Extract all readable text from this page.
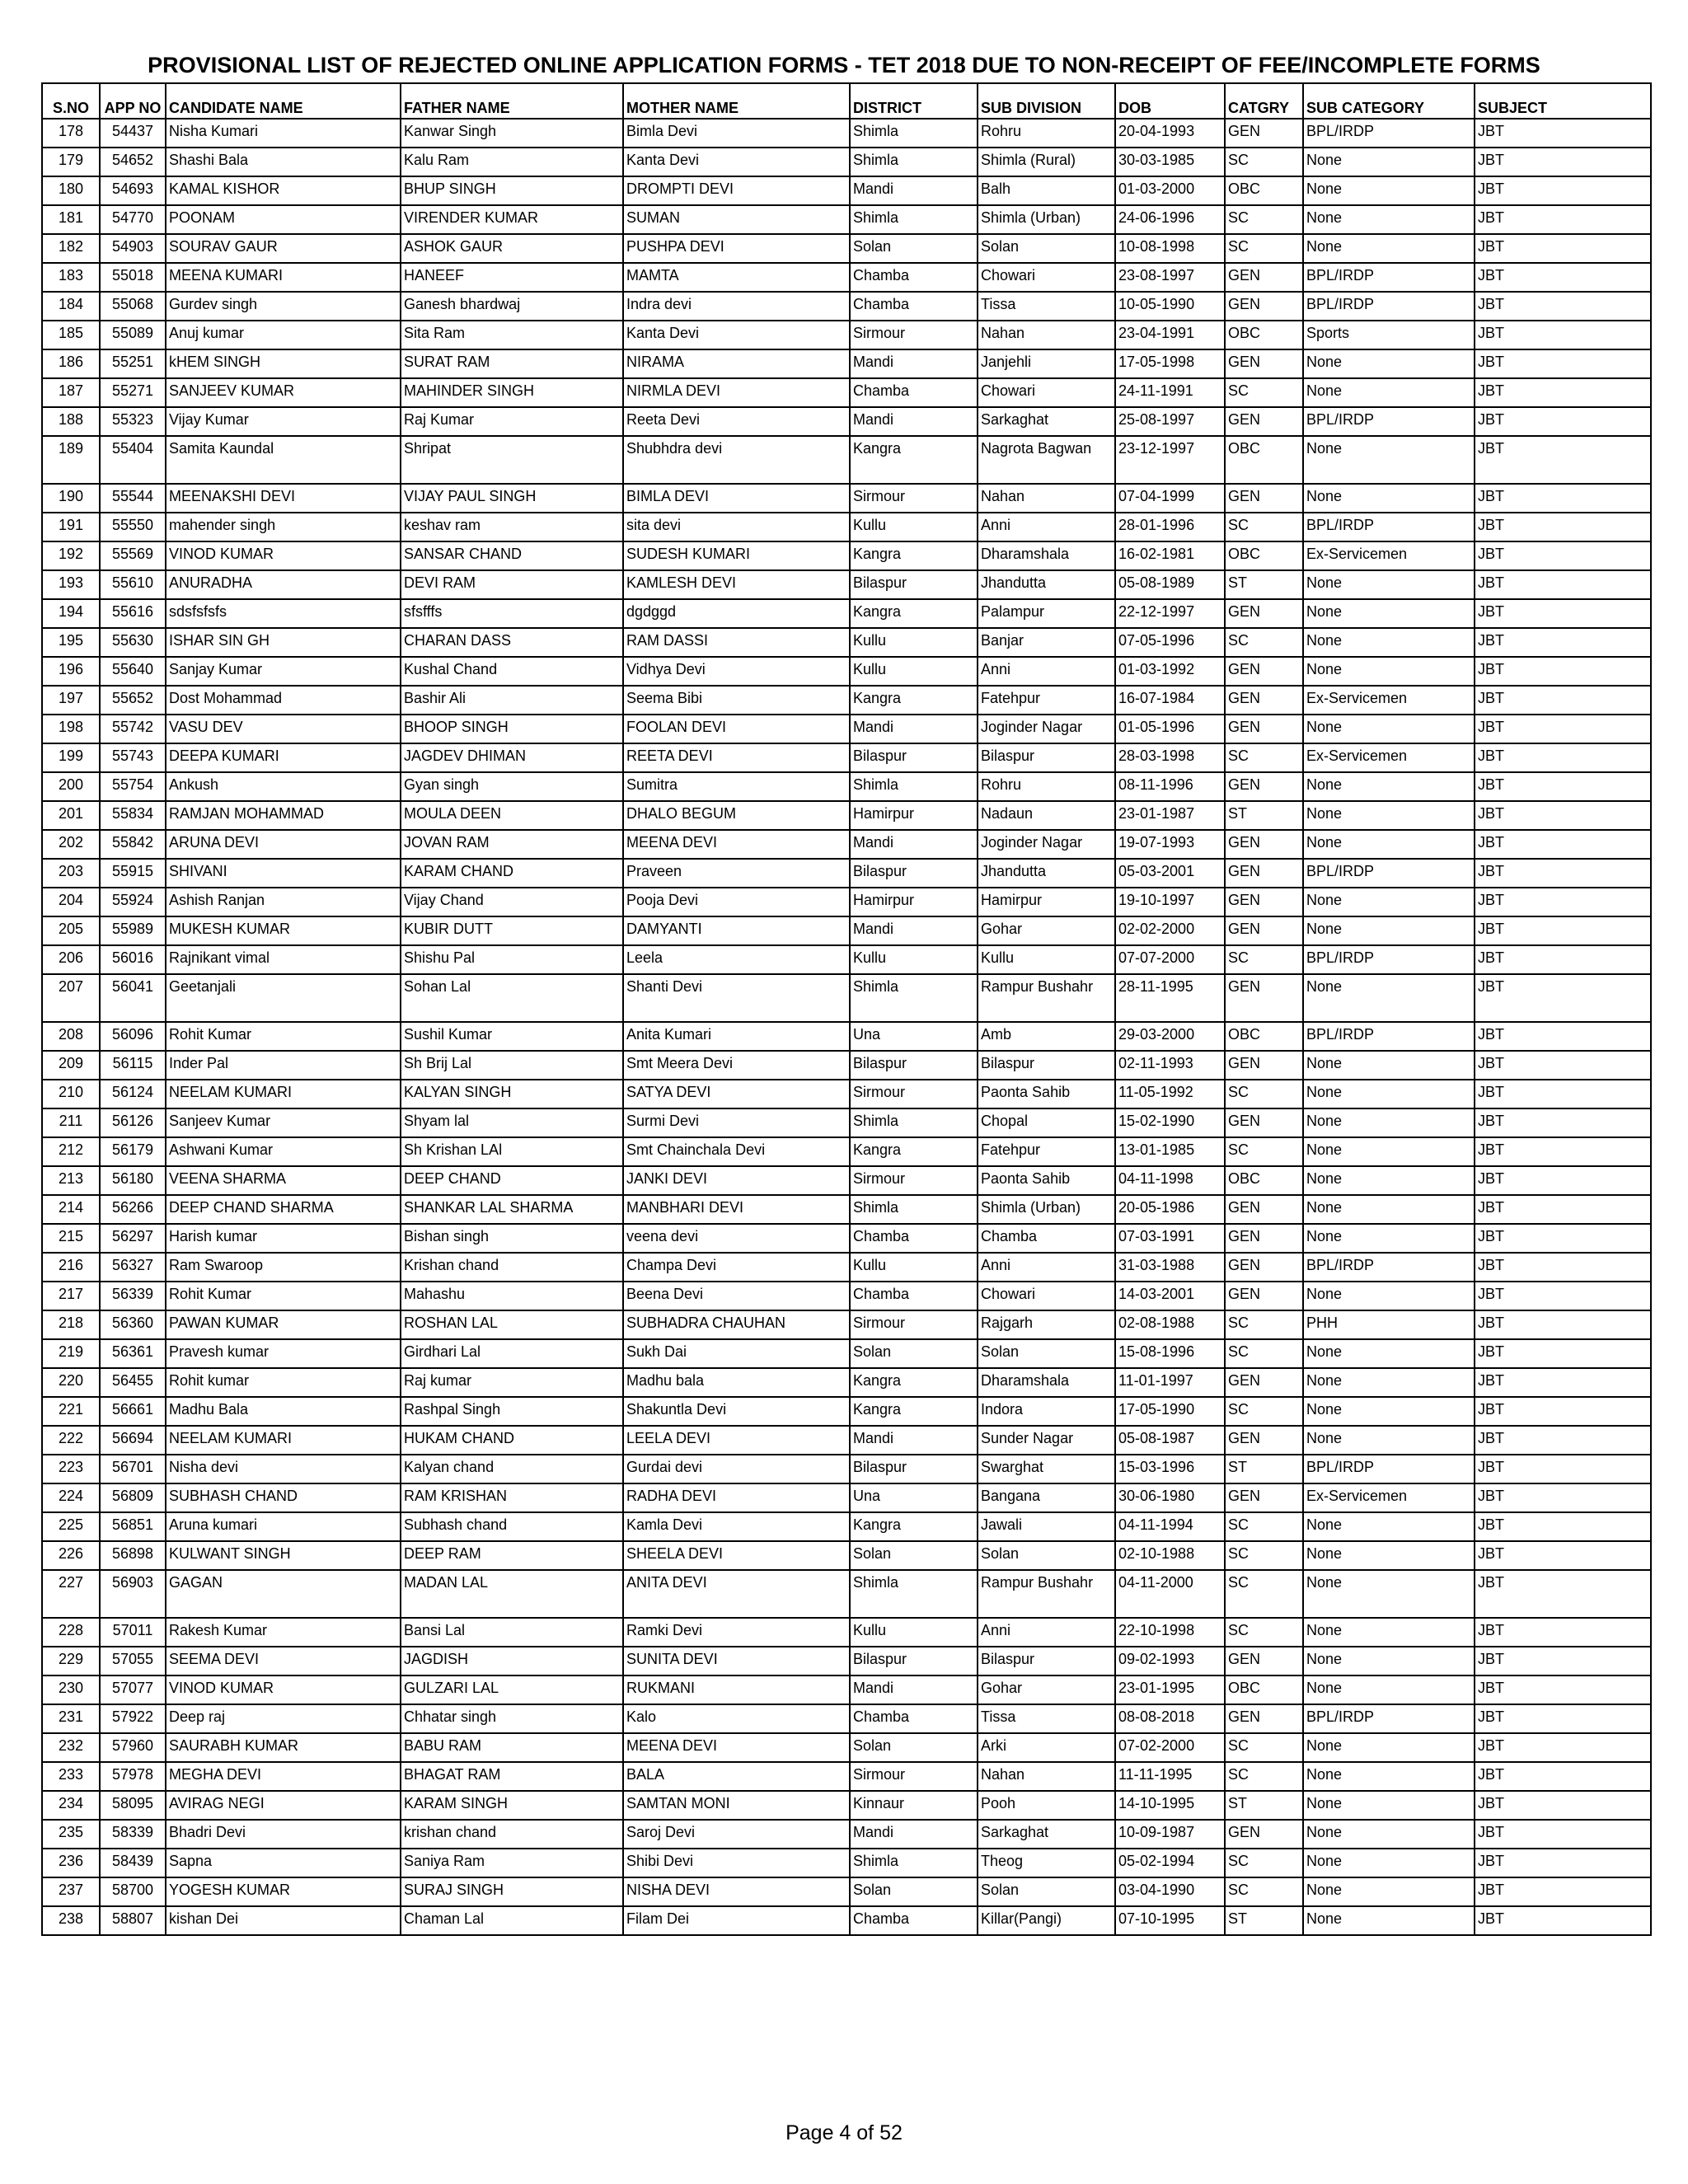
PROVISIONAL LIST OF REJECTED ONLINE APPLICATION FORMS - TET 2018 DUE TO NON-RECEIPT OF FEE/INCOMPLETE FORMS
S.NO	APP NO	CANDIDATE NAME	FATHER NAME	MOTHER NAME	DISTRICT	SUB DIVISION	DOB	CATGRY	SUB CATEGORY	SUBJECT
178	54437	Nisha Kumari	Kanwar Singh	Bimla Devi	Shimla	Rohru	20-04-1993	GEN	BPL/IRDP	JBT
179	54652	Shashi Bala	Kalu Ram	Kanta Devi	Shimla	Shimla (Rural)	30-03-1985	SC	None	JBT
180	54693	KAMAL KISHOR	BHUP SINGH	DROMPTI DEVI	Mandi	Balh	01-03-2000	OBC	None	JBT
181	54770	POONAM	VIRENDER KUMAR	SUMAN	Shimla	Shimla (Urban)	24-06-1996	SC	None	JBT
182	54903	SOURAV GAUR	ASHOK GAUR	PUSHPA DEVI	Solan	Solan	10-08-1998	SC	None	JBT
183	55018	MEENA KUMARI	HANEEF	MAMTA	Chamba	Chowari	23-08-1997	GEN	BPL/IRDP	JBT
184	55068	Gurdev singh	Ganesh bhardwaj	Indra devi	Chamba	Tissa	10-05-1990	GEN	BPL/IRDP	JBT
185	55089	Anuj kumar	Sita Ram	Kanta Devi	Sirmour	Nahan	23-04-1991	OBC	Sports	JBT
186	55251	kHEM SINGH	SURAT RAM	NIRAMA	Mandi	Janjehli	17-05-1998	GEN	None	JBT
187	55271	SANJEEV KUMAR	MAHINDER SINGH	NIRMLA DEVI	Chamba	Chowari	24-11-1991	SC	None	JBT
188	55323	Vijay Kumar	Raj Kumar	Reeta Devi	Mandi	Sarkaghat	25-08-1997	GEN	BPL/IRDP	JBT
189	55404	Samita Kaundal	Shripat	Shubhdra devi	Kangra	Nagrota Bagwan	23-12-1997	OBC	None	JBT
190	55544	MEENAKSHI DEVI	VIJAY PAUL SINGH	BIMLA DEVI	Sirmour	Nahan	07-04-1999	GEN	None	JBT
191	55550	mahender singh	keshav ram	sita devi	Kullu	Anni	28-01-1996	SC	BPL/IRDP	JBT
192	55569	VINOD KUMAR	SANSAR CHAND	SUDESH KUMARI	Kangra	Dharamshala	16-02-1981	OBC	Ex-Servicemen	JBT
193	55610	ANURADHA	DEVI RAM	KAMLESH DEVI	Bilaspur	Jhandutta	05-08-1989	ST	None	JBT
194	55616	sdsfsfsfs	sfsfffs	dgdggd	Kangra	Palampur	22-12-1997	GEN	None	JBT
195	55630	ISHAR SIN GH	CHARAN DASS	RAM DASSI	Kullu	Banjar	07-05-1996	SC	None	JBT
196	55640	Sanjay Kumar	Kushal Chand	Vidhya Devi	Kullu	Anni	01-03-1992	GEN	None	JBT
197	55652	Dost Mohammad	Bashir Ali	Seema Bibi	Kangra	Fatehpur	16-07-1984	GEN	Ex-Servicemen	JBT
198	55742	VASU DEV	BHOOP SINGH	FOOLAN DEVI	Mandi	Joginder Nagar	01-05-1996	GEN	None	JBT
199	55743	DEEPA KUMARI	JAGDEV DHIMAN	REETA DEVI	Bilaspur	Bilaspur	28-03-1998	SC	Ex-Servicemen	JBT
200	55754	Ankush	Gyan singh	Sumitra	Shimla	Rohru	08-11-1996	GEN	None	JBT
201	55834	RAMJAN MOHAMMAD	MOULA DEEN	DHALO BEGUM	Hamirpur	Nadaun	23-01-1987	ST	None	JBT
202	55842	ARUNA DEVI	JOVAN RAM	MEENA DEVI	Mandi	Joginder Nagar	19-07-1993	GEN	None	JBT
203	55915	SHIVANI	KARAM CHAND	Praveen	Bilaspur	Jhandutta	05-03-2001	GEN	BPL/IRDP	JBT
204	55924	Ashish Ranjan	Vijay Chand	Pooja Devi	Hamirpur	Hamirpur	19-10-1997	GEN	None	JBT
205	55989	MUKESH KUMAR	KUBIR DUTT	DAMYANTI	Mandi	Gohar	02-02-2000	GEN	None	JBT
206	56016	Rajnikant vimal	Shishu Pal	Leela	Kullu	Kullu	07-07-2000	SC	BPL/IRDP	JBT
207	56041	Geetanjali	Sohan Lal	Shanti Devi	Shimla	Rampur Bushahr	28-11-1995	GEN	None	JBT
208	56096	Rohit Kumar	Sushil Kumar	Anita Kumari	Una	Amb	29-03-2000	OBC	BPL/IRDP	JBT
209	56115	Inder Pal	Sh Brij Lal	Smt Meera Devi	Bilaspur	Bilaspur	02-11-1993	GEN	None	JBT
210	56124	NEELAM KUMARI	KALYAN SINGH	SATYA DEVI	Sirmour	Paonta Sahib	11-05-1992	SC	None	JBT
211	56126	Sanjeev Kumar	Shyam lal	Surmi Devi	Shimla	Chopal	15-02-1990	GEN	None	JBT
212	56179	Ashwani Kumar	Sh Krishan LAl	Smt Chainchala Devi	Kangra	Fatehpur	13-01-1985	SC	None	JBT
213	56180	VEENA SHARMA	DEEP CHAND	JANKI DEVI	Sirmour	Paonta Sahib	04-11-1998	OBC	None	JBT
214	56266	DEEP CHAND SHARMA	SHANKAR LAL SHARMA	MANBHARI DEVI	Shimla	Shimla (Urban)	20-05-1986	GEN	None	JBT
215	56297	Harish kumar	Bishan singh	veena devi	Chamba	Chamba	07-03-1991	GEN	None	JBT
216	56327	Ram Swaroop	Krishan chand	Champa Devi	Kullu	Anni	31-03-1988	GEN	BPL/IRDP	JBT
217	56339	Rohit Kumar	Mahashu	Beena Devi	Chamba	Chowari	14-03-2001	GEN	None	JBT
218	56360	PAWAN KUMAR	ROSHAN LAL	SUBHADRA CHAUHAN	Sirmour	Rajgarh	02-08-1988	SC	PHH	JBT
219	56361	Pravesh kumar	Girdhari Lal	Sukh Dai	Solan	Solan	15-08-1996	SC	None	JBT
220	56455	Rohit kumar	Raj kumar	Madhu bala	Kangra	Dharamshala	11-01-1997	GEN	None	JBT
221	56661	Madhu Bala	Rashpal Singh	Shakuntla Devi	Kangra	Indora	17-05-1990	SC	None	JBT
222	56694	NEELAM KUMARI	HUKAM CHAND	LEELA DEVI	Mandi	Sunder Nagar	05-08-1987	GEN	None	JBT
223	56701	Nisha devi	Kalyan chand	Gurdai devi	Bilaspur	Swarghat	15-03-1996	ST	BPL/IRDP	JBT
224	56809	SUBHASH CHAND	RAM KRISHAN	RADHA DEVI	Una	Bangana	30-06-1980	GEN	Ex-Servicemen	JBT
225	56851	Aruna kumari	Subhash chand	Kamla Devi	Kangra	Jawali	04-11-1994	SC	None	JBT
226	56898	KULWANT SINGH	DEEP RAM	SHEELA DEVI	Solan	Solan	02-10-1988	SC	None	JBT
227	56903	GAGAN	MADAN LAL	ANITA DEVI	Shimla	Rampur Bushahr	04-11-2000	SC	None	JBT
228	57011	Rakesh Kumar	Bansi Lal	Ramki Devi	Kullu	Anni	22-10-1998	SC	None	JBT
229	57055	SEEMA DEVI	JAGDISH	SUNITA DEVI	Bilaspur	Bilaspur	09-02-1993	GEN	None	JBT
230	57077	VINOD KUMAR	GULZARI LAL	RUKMANI	Mandi	Gohar	23-01-1995	OBC	None	JBT
231	57922	Deep raj	Chhatar singh	Kalo	Chamba	Tissa	08-08-2018	GEN	BPL/IRDP	JBT
232	57960	SAURABH KUMAR	BABU RAM	MEENA DEVI	Solan	Arki	07-02-2000	SC	None	JBT
233	57978	MEGHA DEVI	BHAGAT RAM	BALA	Sirmour	Nahan	11-11-1995	SC	None	JBT
234	58095	AVIRAG NEGI	KARAM SINGH	SAMTAN MONI	Kinnaur	Pooh	14-10-1995	ST	None	JBT
235	58339	Bhadri Devi	krishan chand	Saroj Devi	Mandi	Sarkaghat	10-09-1987	GEN	None	JBT
236	58439	Sapna	Saniya Ram	Shibi Devi	Shimla	Theog	05-02-1994	SC	None	JBT
237	58700	YOGESH KUMAR	SURAJ SINGH	NISHA DEVI	Solan	Solan	03-04-1990	SC	None	JBT
238	58807	kishan Dei	Chaman Lal	Filam Dei	Chamba	Killar(Pangi)	07-10-1995	ST	None	JBT
Page 4 of 52
